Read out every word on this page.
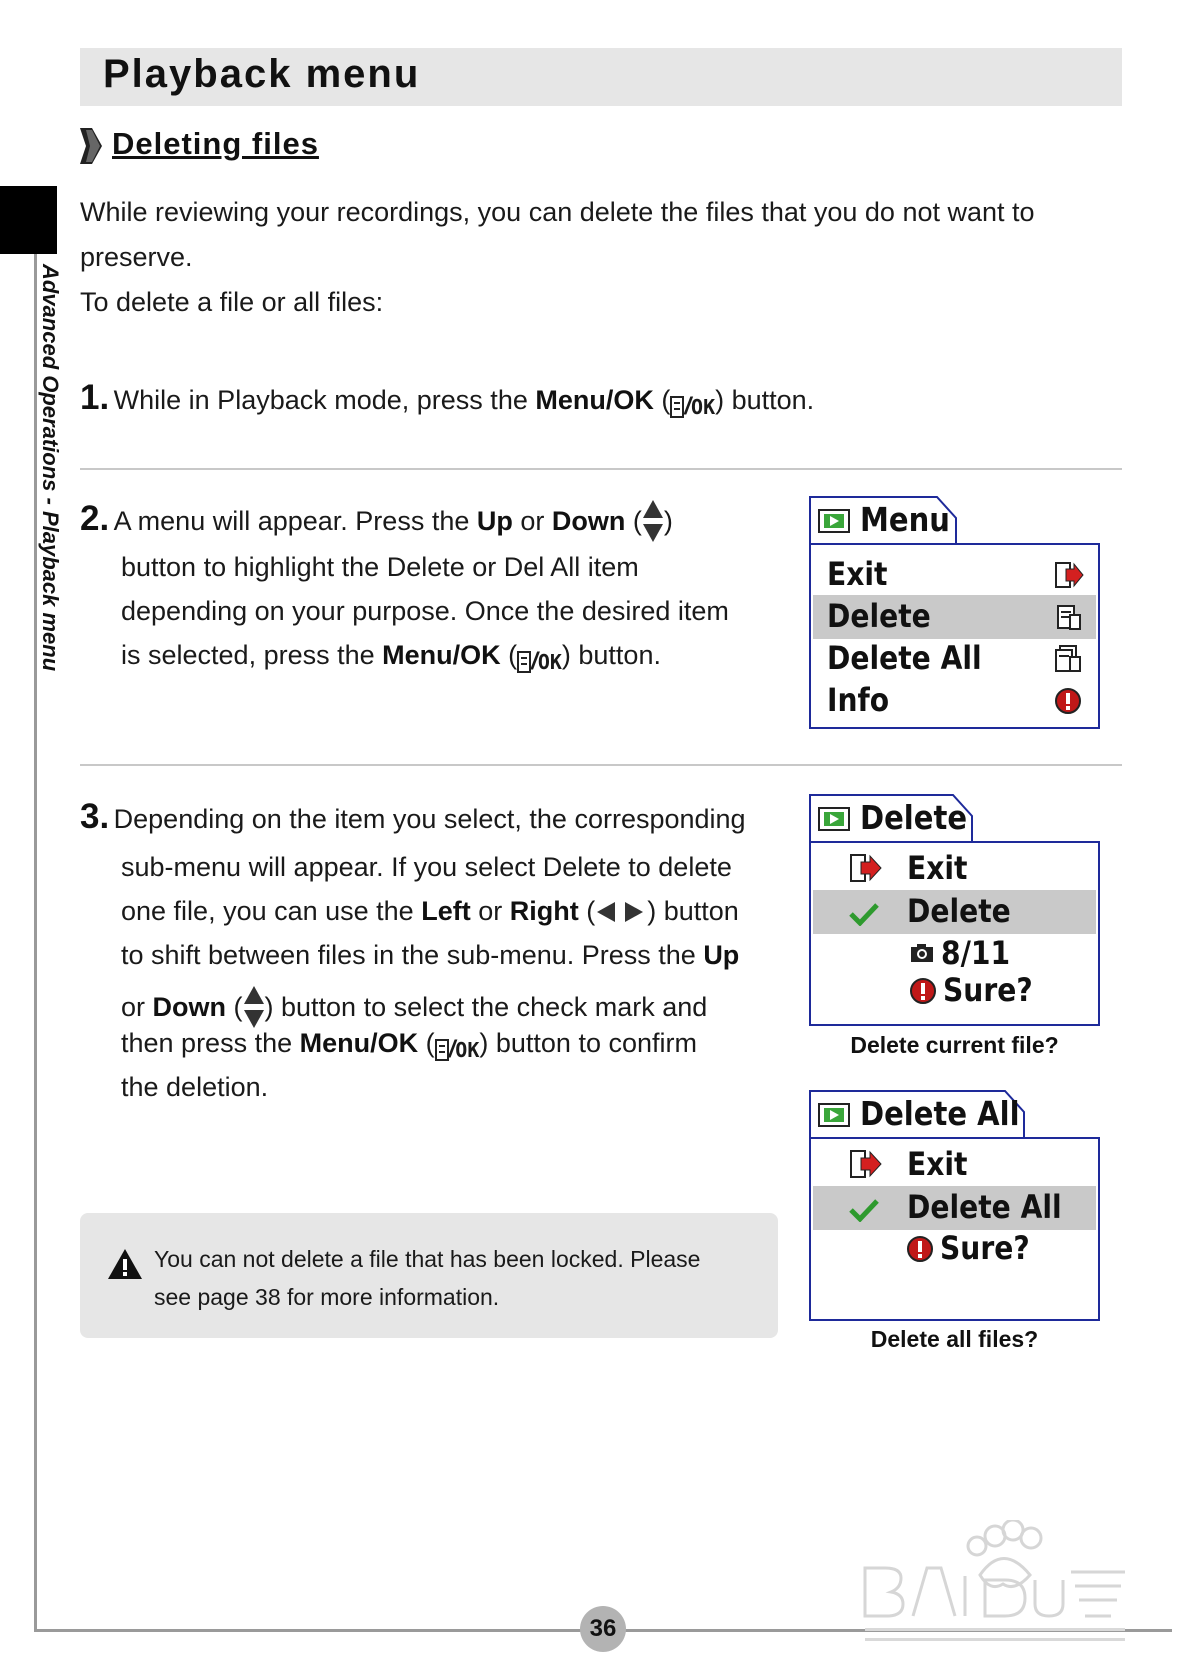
Playback menu
Deleting files
Advanced Operations - Playback menu
While reviewing your recordings, you can delete the files that you do not want to
preserve.
To delete a file or all files:
1. While in Playback mode, press the Menu/OK ( /OK) button.
2. A menu will appear. Press the Up or Down ( )
button to highlight the Delete or Del All item
depending on your purpose. Once the desired item
is selected, press the Menu/OK ( /OK) button.
Menu
Exit
Delete
Delete All
Info
3. Depending on the item you select, the corresponding
sub-menu will appear. If you select Delete to delete
one file, you can use the Left or Right ( ) button
to shift between files in the sub-menu. Press the Up
or Down ( ) button to select the check mark and
then press the Menu/OK ( /OK) button to confirm
the deletion.
Delete
Exit
Delete
8/11
Sure?
Delete current file?
Delete All
Exit
Delete All
Sure?
Delete all files?
You can not delete a file that has been locked. Please
see page 38 for more information.
36
